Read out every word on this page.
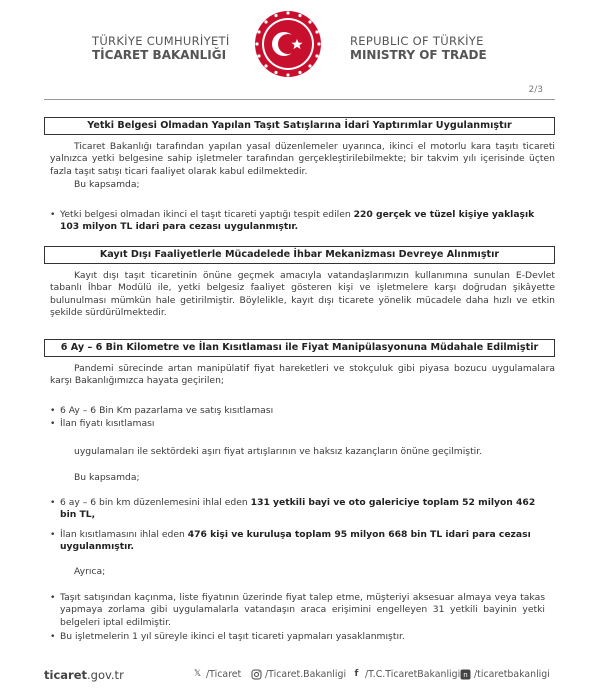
TÜRKİYE CUMHURİYETİ
TİCARET BAKANLIĞI
REPUBLIC OF TÜRKİYE
MINISTRY OF TRADE
2/3
Yetki Belgesi Olmadan Yapılan Taşıt Satışlarına İdari Yaptırımlar Uygulanmıştır
Ticaret Bakanlığı tarafından yapılan yasal düzenlemeler uyarınca, ikinci el motorlu kara taşıtı ticareti yalnızca yetki belgesine sahip işletmeler tarafından gerçekleştirilebilmekte; bir takvim yılı içerisinde üçten fazla taşıt satışı ticari faaliyet olarak kabul edilmektedir.
Bu kapsamda;
• Yetki belgesi olmadan ikinci el taşıt ticareti yaptığı tespit edilen 220 gerçek ve tüzel kişiye yaklaşık 103 milyon TL idari para cezası uygulanmıştır.
Kayıt Dışı Faaliyetlerle Mücadelede İhbar Mekanizması Devreye Alınmıştır
Kayıt dışı taşıt ticaretinin önüne geçmek amacıyla vatandaşlarımızın kullanımına sunulan E-Devlet tabanlı İhbar Modülü ile, yetki belgesiz faaliyet gösteren kişi ve işletmelere karşı doğrudan şikâyette bulunulması mümkün hale getirilmiştir. Böylelikle, kayıt dışı ticarete yönelik mücadele daha hızlı ve etkin şekilde sürdürülmektedir.
6 Ay – 6 Bin Kilometre ve İlan Kısıtlaması ile Fiyat Manipülasyonuna Müdahale Edilmiştir
Pandemi sürecinde artan manipülatif fiyat hareketleri ve stokçuluk gibi piyasa bozucu uygulamalara karşı Bakanlığımızca hayata geçirilen;
• 6 Ay – 6 Bin Km pazarlama ve satış kısıtlaması
• İlan fiyatı kısıtlaması
uygulamaları ile sektördeki aşırı fiyat artışlarının ve haksız kazançların önüne geçilmiştir.
Bu kapsamda;
• 6 ay – 6 bin km düzenlemesini ihlal eden 131 yetkili bayi ve oto galericiye toplam 52 milyon 462 bin TL,
• İlan kısıtlamasını ihlal eden 476 kişi ve kuruluşa toplam 95 milyon 668 bin TL idari para cezası uygulanmıştır.
Ayrıca;
• Taşıt satışından kaçınma, liste fiyatının üzerinde fiyat talep etme, müşteriyi aksesuar almaya veya takas yapmaya zorlama gibi uygulamalarla vatandaşın araca erişimini engelleyen 31 yetkili bayinin yetki belgeleri iptal edilmiştir.
• Bu işletmelerin 1 yıl süreyle ikinci el taşıt ticareti yapmaları yasaklanmıştır.
ticaret.gov.tr	𝕏 /Ticaret	/Ticaret.Bakanligi f /T.C.TicaretBakanligi n /ticaretbakanligi
